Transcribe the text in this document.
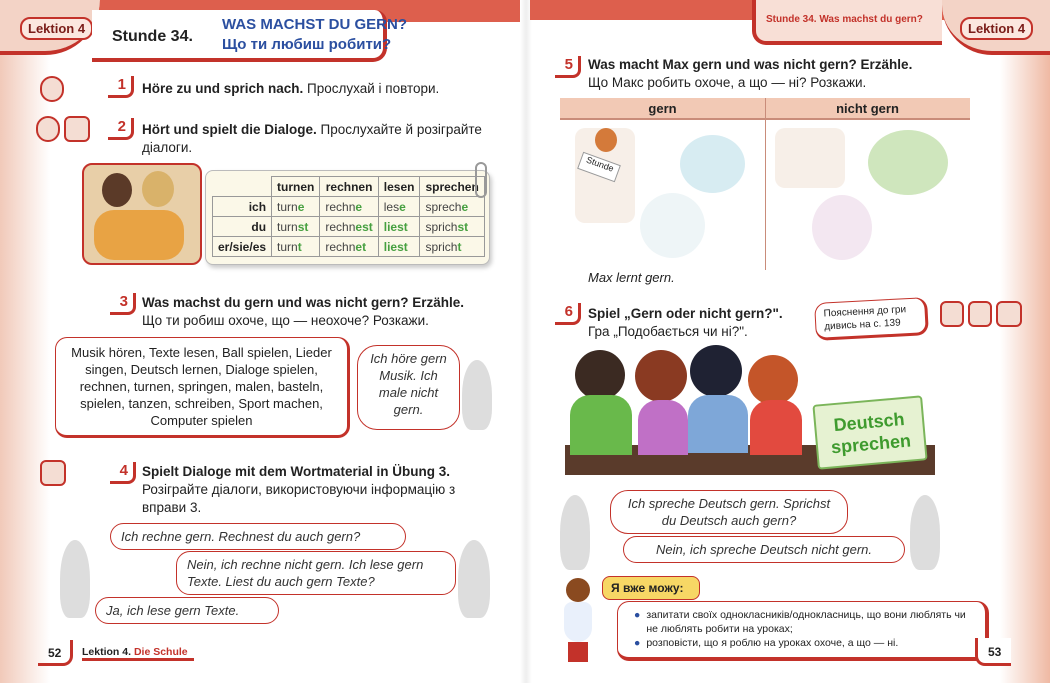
Lektion 4	Stunde 34.
WAS MACHST DU GERN?
Що ти любиш робити?
1	Höre zu und sprich nach. Прослухай і повтори.
2	Hört und spielt die Dialoge. Прослухайте й розіграйте діалоги.
	turnen	rechnen	lesen	sprechen
ich	turne	rechne	lese	spreche
du	turnst	rechnest	liest	sprichst
er/sie/es	turnt	rechnet	liest	spricht
3	Was machst du gern und was nicht gern? Erzähle.
Що ти робиш охоче, що — неохоче? Розкажи.
Musik hören, Texte lesen, Ball spielen, Lieder singen, Deutsch lernen, Dialoge spielen, rechnen, turnen, springen, malen, basteln, spielen, tanzen, schreiben, Sport machen, Computer spielen
Ich höre gern Musik. Ich male nicht gern.
4	Spielt Dialoge mit dem Wortmaterial in Übung 3.
Розіграйте діалоги, використовуючи інформацію з вправи 3.
Ich rechne gern. Rechnest du auch gern?
Nein, ich rechne nicht gern. Ich lese gern Texte. Liest du auch gern Texte?
Ja, ich lese gern Texte.
52	Lektion 4. Die Schule
Stunde 34. Was machst du gern?
Lektion 4
5	Was macht Max gern und was nicht gern? Erzähle.
Що Макс робить охоче, а що — ні? Розкажи.
gern	nicht gern
Stunde
Max lernt gern.
6	Spiel „Gern oder nicht gern?".
Гра „Подобається чи ні?".
Пояснення до гри дивись на с. 139
Deutsch sprechen
Ich spreche Deutsch gern. Sprichst du Deutsch auch gern?
Nein, ich spreche Deutsch nicht gern.
● запитати своїх однокласників/однокласниць, що вони люблять чи не люблять робити на уроках;
● розповісти, що я роблю на уроках охоче, а що — ні.
Я вже можу:
53
